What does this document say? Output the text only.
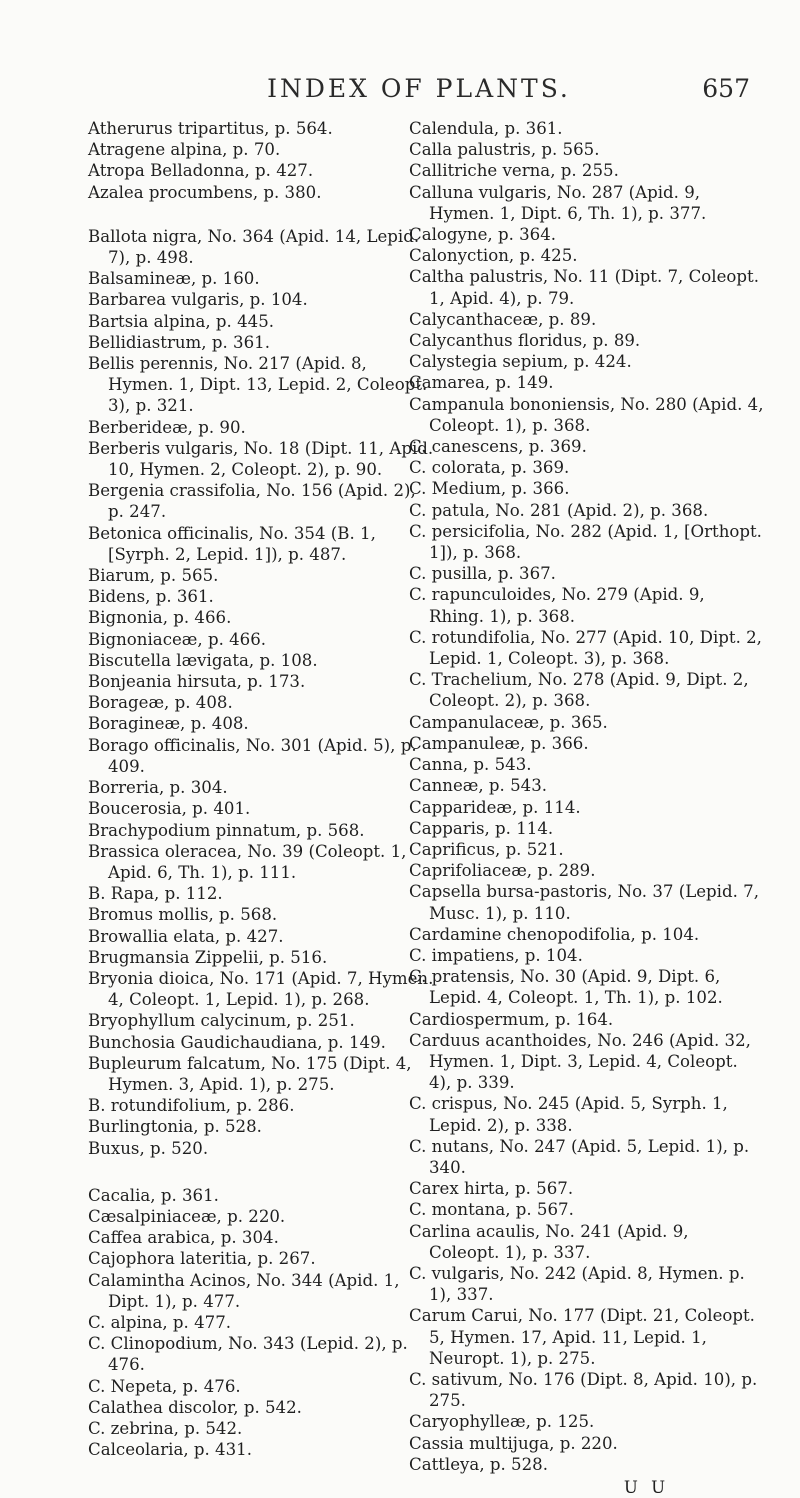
INDEX OF PLANTS.	657

Atherurus tripartitus, p. 564.

Atragene alpina, p. 70.

Atropa Belladonna, p. 427.

Azalea procumbens, p. 380.

Ballota nigra, No. 364 (Apid. 14, Lepid. 7), p. 498.

Balsamineæ, p. 160.

Barbarea vulgaris, p. 104.

Bartsia alpina, p. 445.

Bellidiastrum, p. 361.

Bellis perennis, No. 217 (Apid. 8, Hymen. 1, Dipt. 13, Lepid. 2, Coleopt. 3), p. 321.

Berberideæ, p. 90.

Berberis vulgaris, No. 18 (Dipt. 11, Apid. 10, Hymen. 2, Coleopt. 2), p. 90.

Bergenia crassifolia, No. 156 (Apid. 2), p. 247.

Betonica officinalis, No. 354 (B. 1, [Syrph. 2, Lepid. 1]), p. 487.

Biarum, p. 565.

Bidens, p. 361.

Bignonia, p. 466.

Bignoniaceæ, p. 466.

Biscutella lævigata, p. 108.

Bonjeania hirsuta, p. 173.

Borageæ, p. 408.

Boragineæ, p. 408.

Borago officinalis, No. 301 (Apid. 5), p. 409.

Borreria, p. 304.

Boucerosia, p. 401.

Brachypodium pinnatum, p. 568.

Brassica oleracea, No. 39 (Coleopt. 1, Apid. 6, Th. 1), p. 111.

B. Rapa, p. 112.

Bromus mollis, p. 568.

Browallia elata, p. 427.

Brugmansia Zippelii, p. 516.

Bryonia dioica, No. 171 (Apid. 7, Hymen. 4, Coleopt. 1, Lepid. 1), p. 268.

Bryophyllum calycinum, p. 251.

Bunchosia Gaudichaudiana, p. 149.

Bupleurum falcatum, No. 175 (Dipt. 4, Hymen. 3, Apid. 1), p. 275.

B. rotundifolium, p. 286.

Burlingtonia, p. 528.

Buxus, p. 520.

Cacalia, p. 361.

Cæsalpiniaceæ, p. 220.

Caffea arabica, p. 304.

Cajophora lateritia, p. 267.

Calamintha Acinos, No. 344 (Apid. 1, Dipt. 1), p. 477.

C. alpina, p. 477.

C. Clinopodium, No. 343 (Lepid. 2), p. 476.

C. Nepeta, p. 476.

Calathea discolor, p. 542.

C. zebrina, p. 542.

Calceolaria, p. 431.

Calendula, p. 361.

Calla palustris, p. 565.

Callitriche verna, p. 255.

Calluna vulgaris, No. 287 (Apid. 9, Hymen. 1, Dipt. 6, Th. 1), p. 377.

Calogyne, p. 364.

Calonyction, p. 425.

Caltha palustris, No. 11 (Dipt. 7, Coleopt. 1, Apid. 4), p. 79.

Calycanthaceæ, p. 89.

Calycanthus floridus, p. 89.

Calystegia sepium, p. 424.

Camarea, p. 149.

Campanula bononiensis, No. 280 (Apid. 4, Coleopt. 1), p. 368.

C. canescens, p. 369.

C. colorata, p. 369.

C. Medium, p. 366.

C. patula, No. 281 (Apid. 2), p. 368.

C. persicifolia, No. 282 (Apid. 1, [Orthopt. 1]), p. 368.

C. pusilla, p. 367.

C. rapunculoides, No. 279 (Apid. 9, Rhing. 1), p. 368.

C. rotundifolia, No. 277 (Apid. 10, Dipt. 2, Lepid. 1, Coleopt. 3), p. 368.

C. Trachelium, No. 278 (Apid. 9, Dipt. 2, Coleopt. 2), p. 368.

Campanulaceæ, p. 365.

Campanuleæ, p. 366.

Canna, p. 543.

Canneæ, p. 543.

Capparideæ, p. 114.

Capparis, p. 114.

Caprificus, p. 521.

Caprifoliaceæ, p. 289.

Capsella bursa-pastoris, No. 37 (Lepid. 7, Musc. 1), p. 110.

Cardamine chenopodifolia, p. 104.

C. impatiens, p. 104.

C. pratensis, No. 30 (Apid. 9, Dipt. 6, Lepid. 4, Coleopt. 1, Th. 1), p. 102.

Cardiospermum, p. 164.

Carduus acanthoides, No. 246 (Apid. 32, Hymen. 1, Dipt. 3, Lepid. 4, Coleopt. 4), p. 339.

C. crispus, No. 245 (Apid. 5, Syrph. 1, Lepid. 2), p. 338.

C. nutans, No. 247 (Apid. 5, Lepid. 1), p. 340.

Carex hirta, p. 567.

C. montana, p. 567.

Carlina acaulis, No. 241 (Apid. 9, Coleopt. 1), p. 337.

C. vulgaris, No. 242 (Apid. 8, Hymen. p. 1), 337.

Carum Carui, No. 177 (Dipt. 21, Coleopt. 5, Hymen. 17, Apid. 11, Lepid. 1, Neuropt. 1), p. 275.

C. sativum, No. 176 (Dipt. 8, Apid. 10), p. 275.

Caryophylleæ, p. 125.

Cassia multijuga, p. 220.

Cattleya, p. 528.

U U
